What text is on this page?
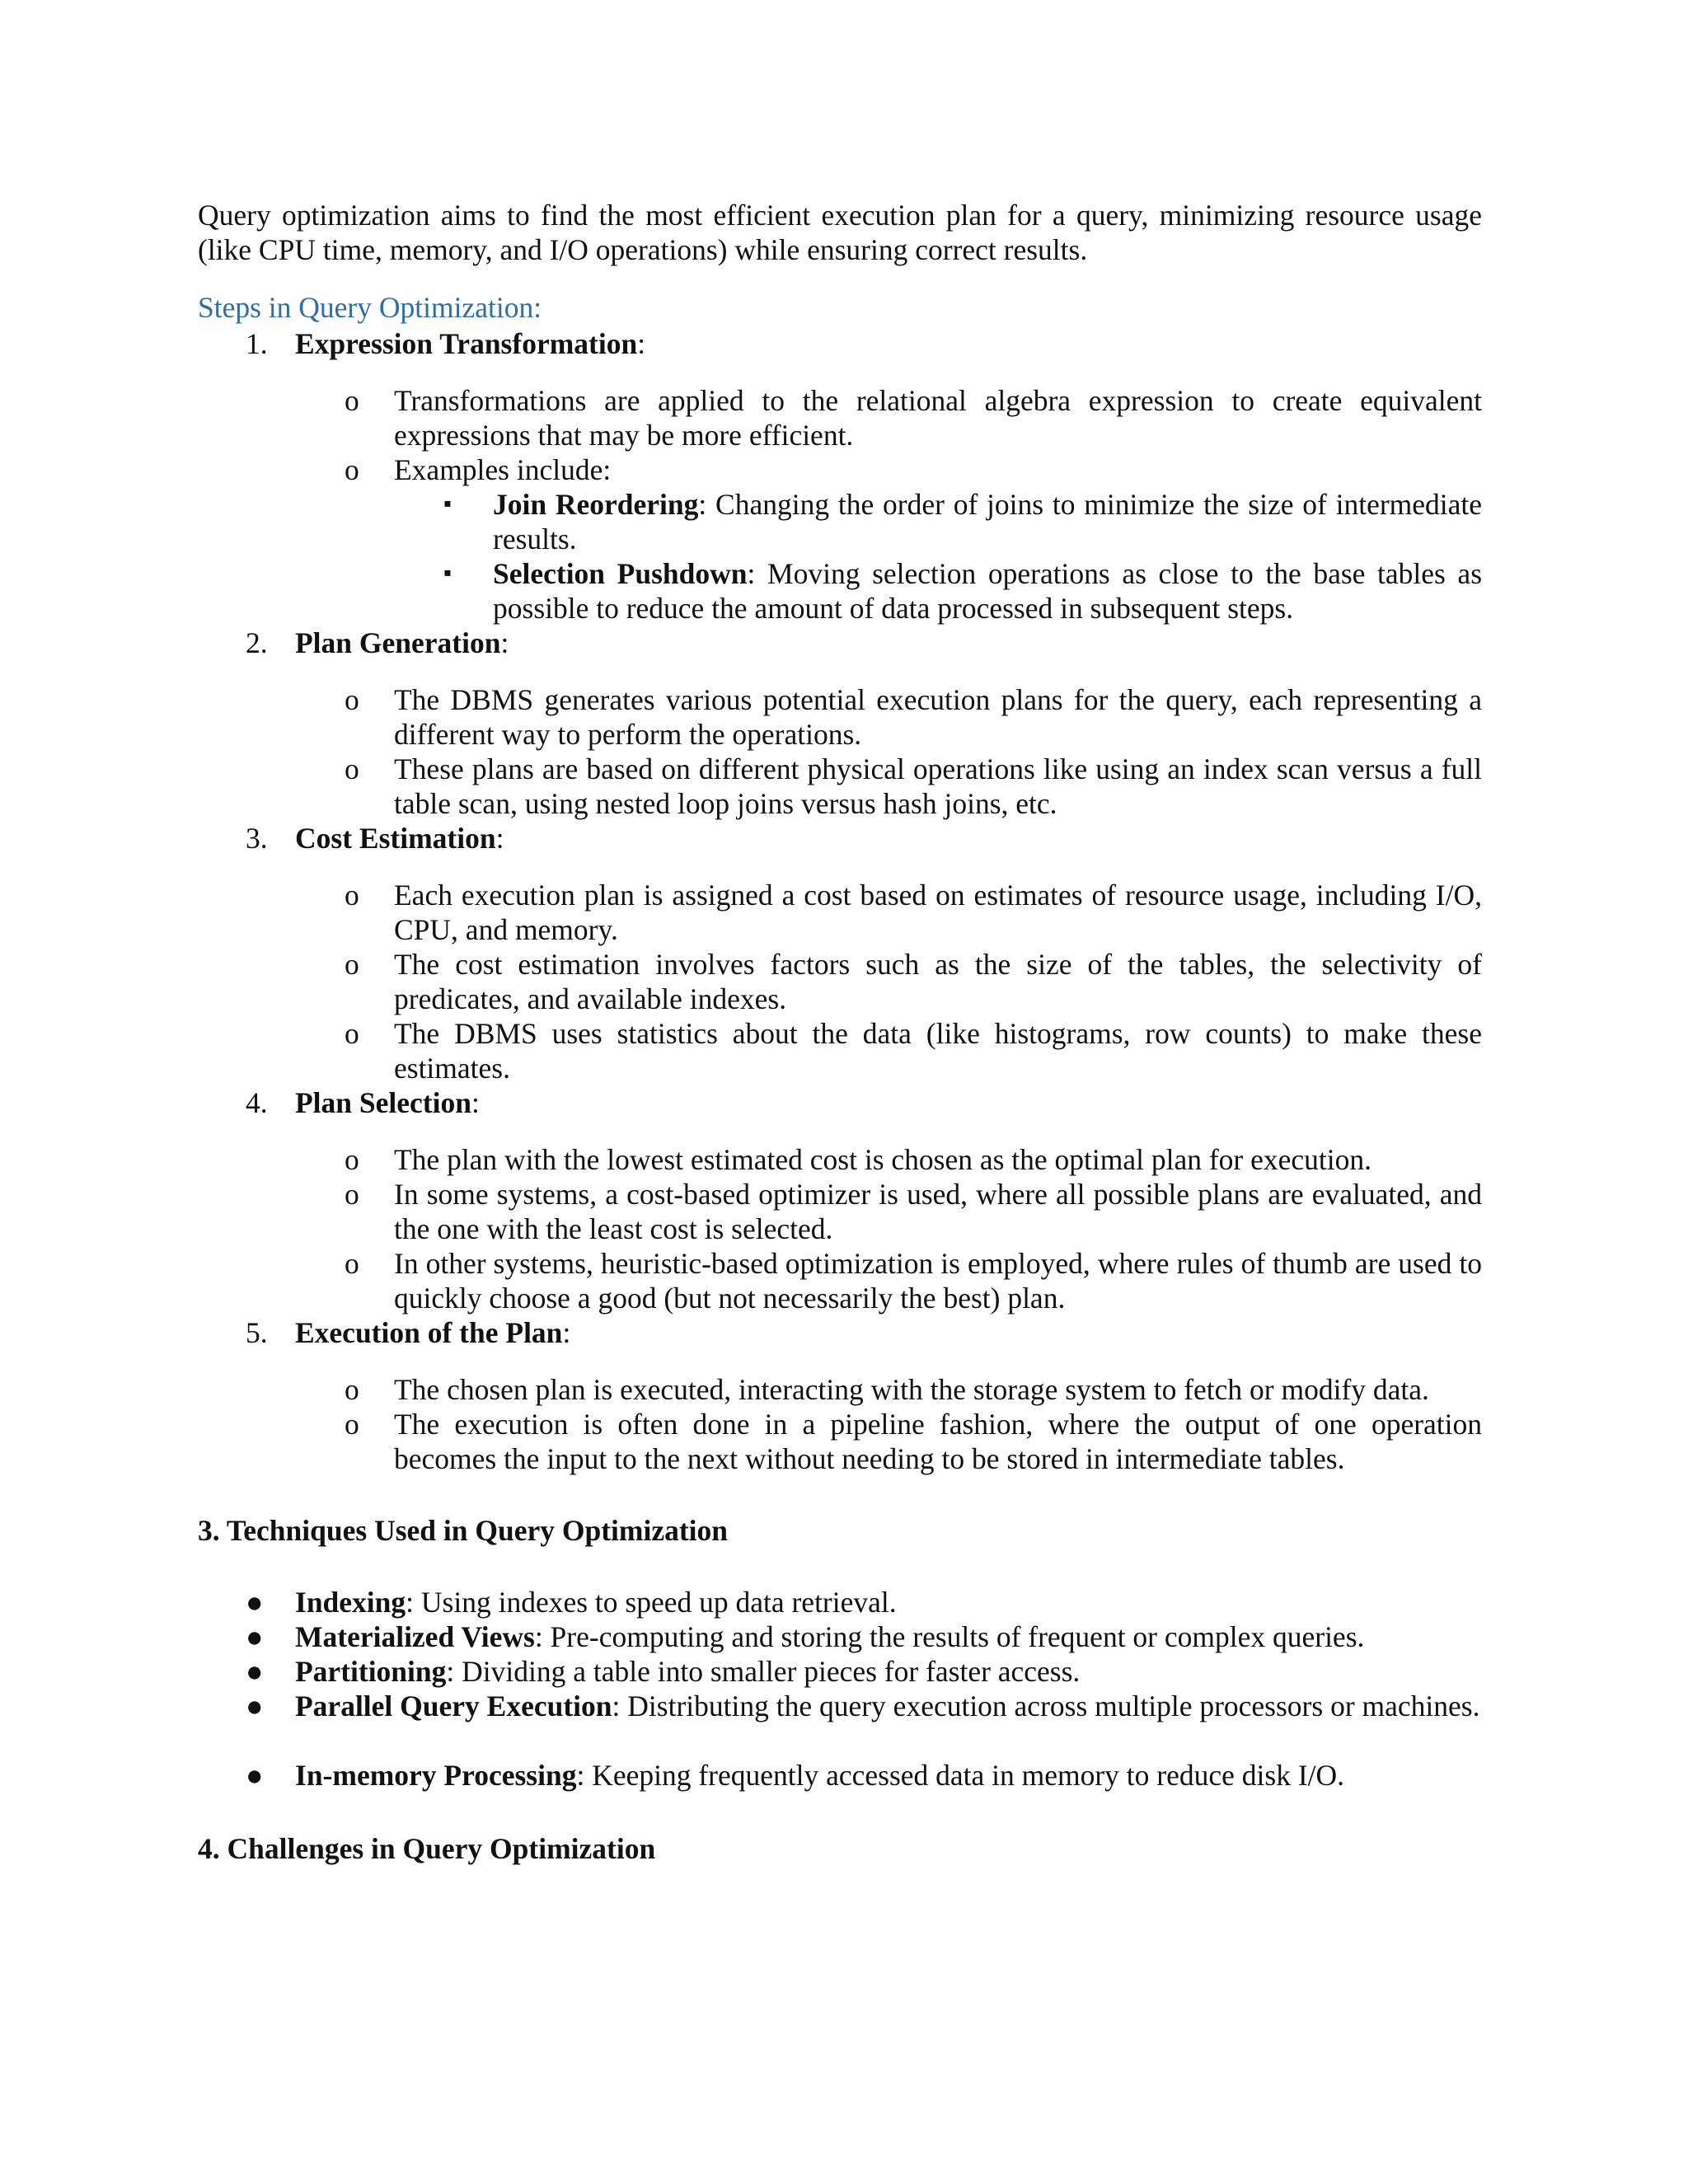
Query optimization aims to find the most efficient execution plan for a query, minimizing resource usage (like CPU time, memory, and I/O operations) while ensuring correct results.

Steps in Query Optimization:

1. Expression Transformation:

o	Transformations are applied to the relational algebra expression to create equivalent expressions that may be more efficient.
o	Examples include:
▪	Join Reordering: Changing the order of joins to minimize the size of intermediate results.
▪	Selection Pushdown: Moving selection operations as close to the base tables as possible to reduce the amount of data processed in subsequent steps.

2. Plan Generation:

o	The DBMS generates various potential execution plans for the query, each representing a different way to perform the operations.
o	These plans are based on different physical operations like using an index scan versus a full table scan, using nested loop joins versus hash joins, etc.

3. Cost Estimation:

o	Each execution plan is assigned a cost based on estimates of resource usage, including I/O, CPU, and memory.
o	The cost estimation involves factors such as the size of the tables, the selectivity of predicates, and available indexes.
o	The DBMS uses statistics about the data (like histograms, row counts) to make these estimates.

4. Plan Selection:

o	The plan with the lowest estimated cost is chosen as the optimal plan for execution.
o	In some systems, a cost-based optimizer is used, where all possible plans are evaluated, and the one with the least cost is selected.
o	In other systems, heuristic-based optimization is employed, where rules of thumb are used to quickly choose a good (but not necessarily the best) plan.

5. Execution of the Plan:

o	The chosen plan is executed, interacting with the storage system to fetch or modify data.
o	The execution is often done in a pipeline fashion, where the output of one operation becomes the input to the next without needing to be stored in intermediate tables.

3. Techniques Used in Query Optimization

●	Indexing: Using indexes to speed up data retrieval.
●	Materialized Views: Pre-computing and storing the results of frequent or complex queries.
●	Partitioning: Dividing a table into smaller pieces for faster access.
●	Parallel Query Execution: Distributing the query execution across multiple processors or machines.
●	In-memory Processing: Keeping frequently accessed data in memory to reduce disk I/O.

4. Challenges in Query Optimization
